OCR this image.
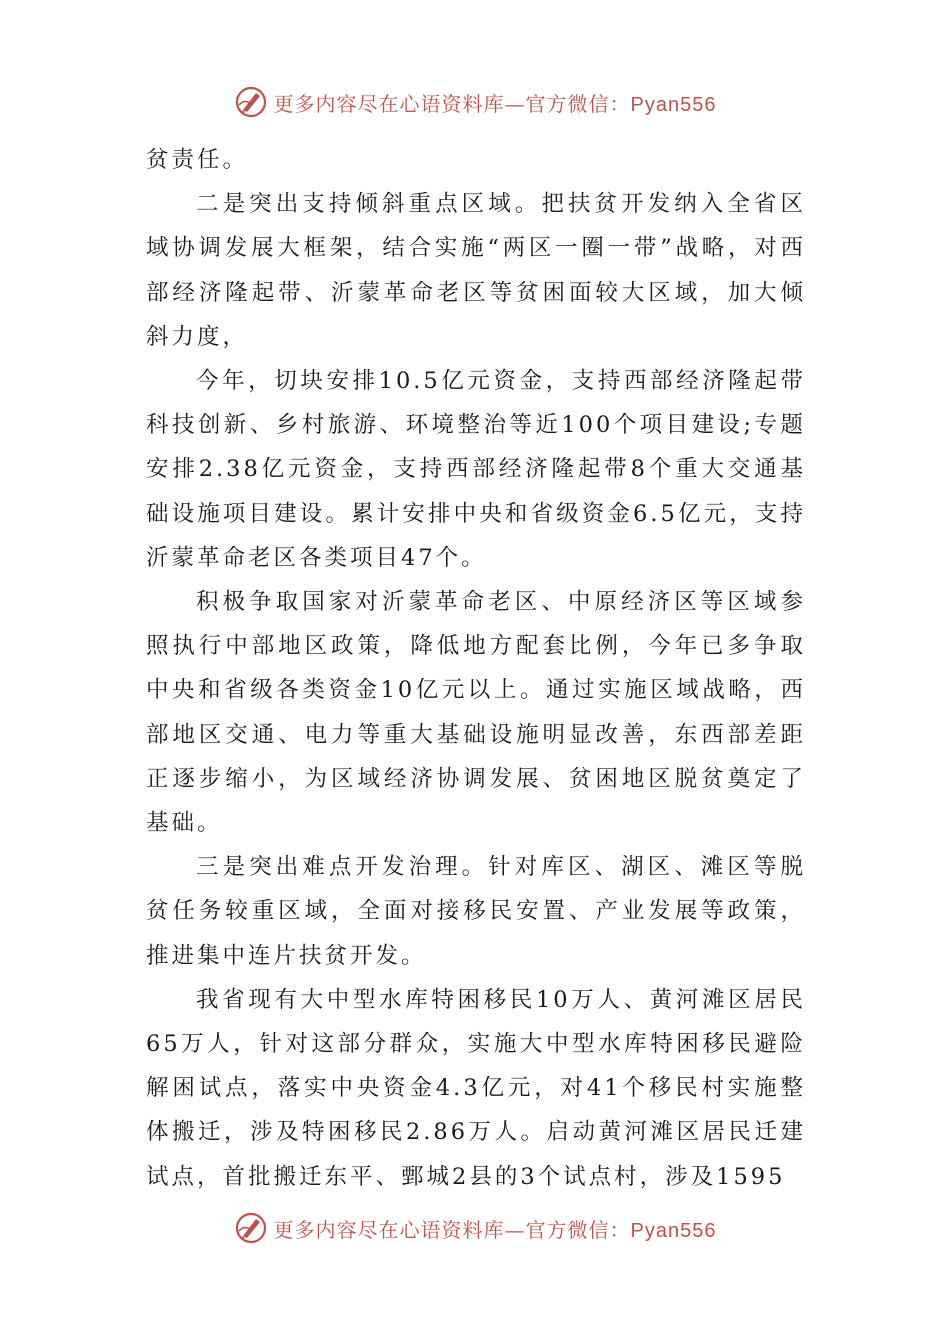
更多内容尽在心语资料库—官方微信：Pyan556

贫责任。

二是突出支持倾斜重点区域。把扶贫开发纳入全省区域协调发展大框架，结合实施“两区一圈一带”战略，对西部经济隆起带、沂蒙革命老区等贫困面较大区域，加大倾斜力度，

今年，切块安排10.5亿元资金，支持西部经济隆起带科技创新、乡村旅游、环境整治等近100个项目建设;专题安排2.38亿元资金，支持西部经济隆起带8个重大交通基础设施项目建设。累计安排中央和省级资金6.5亿元，支持沂蒙革命老区各类项目47个。

积极争取国家对沂蒙革命老区、中原经济区等区域参照执行中部地区政策，降低地方配套比例，今年已多争取中央和省级各类资金10亿元以上。通过实施区域战略，西部地区交通、电力等重大基础设施明显改善，东西部差距正逐步缩小，为区域经济协调发展、贫困地区脱贫奠定了基础。

三是突出难点开发治理。针对库区、湖区、滩区等脱贫任务较重区域，全面对接移民安置、产业发展等政策，推进集中连片扶贫开发。

我省现有大中型水库特困移民10万人、黄河滩区居民65万人，针对这部分群众，实施大中型水库特困移民避险解困试点，落实中央资金4.3亿元，对41个移民村实施整体搬迁，涉及特困移民2.86万人。启动黄河滩区居民迁建试点，首批搬迁东平、鄄城2县的3个试点村，涉及1595

更多内容尽在心语资料库—官方微信：Pyan556
